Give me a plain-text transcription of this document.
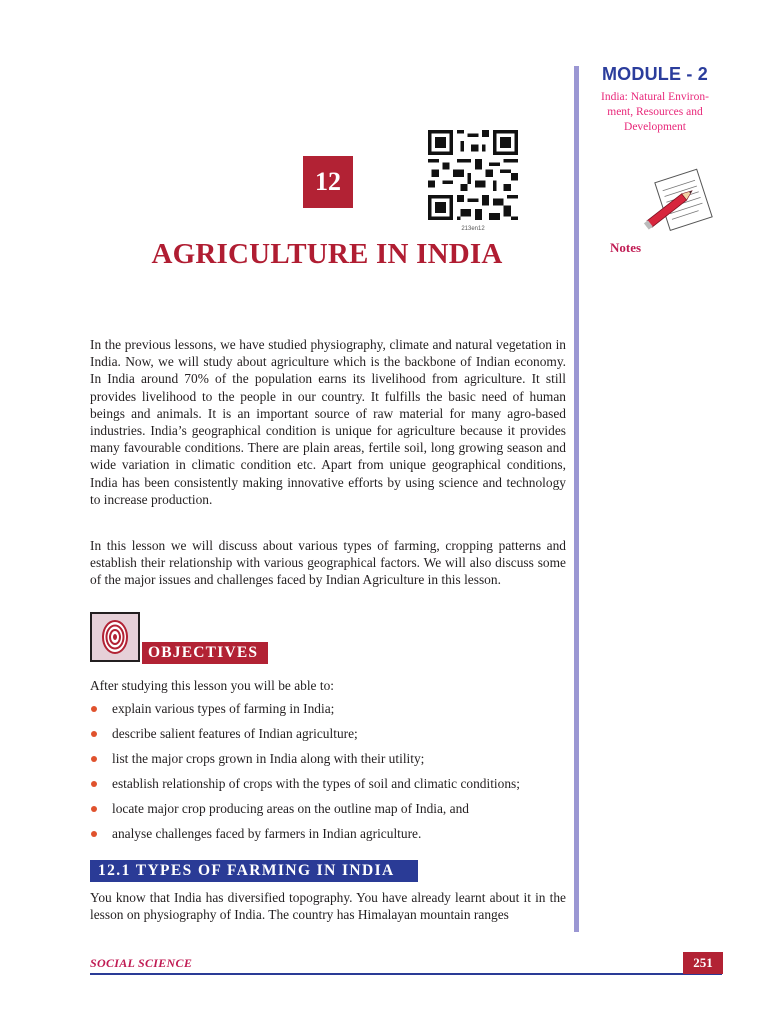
MODULE - 2
India: Natural Environ-
ment, Resources and
Development
Notes
12
213en12
AGRICULTURE IN INDIA
In the previous lessons, we have studied physiography, climate and natural vegetation in India. Now, we will study about agriculture which is the backbone of Indian economy. In India around 70% of the population earns its livelihood from agriculture. It still provides livelihood to the people in our country. It fulfills the basic need of human beings and animals. It is an important source of raw material for many agro-based industries. India’s geographical condition is unique for agriculture because it provides many favourable conditions. There are plain areas, fertile soil, long growing season and wide variation in climatic condition etc. Apart from unique geographical conditions, India has been consistently making innovative efforts by using science and technology to increase production.
In this lesson we will discuss about various types of farming, cropping patterns and establish their relationship with various geographical factors. We will also discuss some of the major issues and challenges faced by Indian Agriculture in this lesson.
OBJECTIVES
After studying this lesson you will be able to:
explain various types of farming in India;
describe salient features of Indian agriculture;
list the major crops grown in India along with their utility;
establish relationship of crops with the types of soil and climatic conditions;
locate major crop producing areas on the outline map of India, and
analyse challenges faced by farmers in Indian agriculture.
12.1 TYPES OF FARMING IN INDIA
You know that India has diversified topography. You have already learnt about it in the lesson on physiography of India. The country has Himalayan mountain ranges
SOCIAL SCIENCE	251
